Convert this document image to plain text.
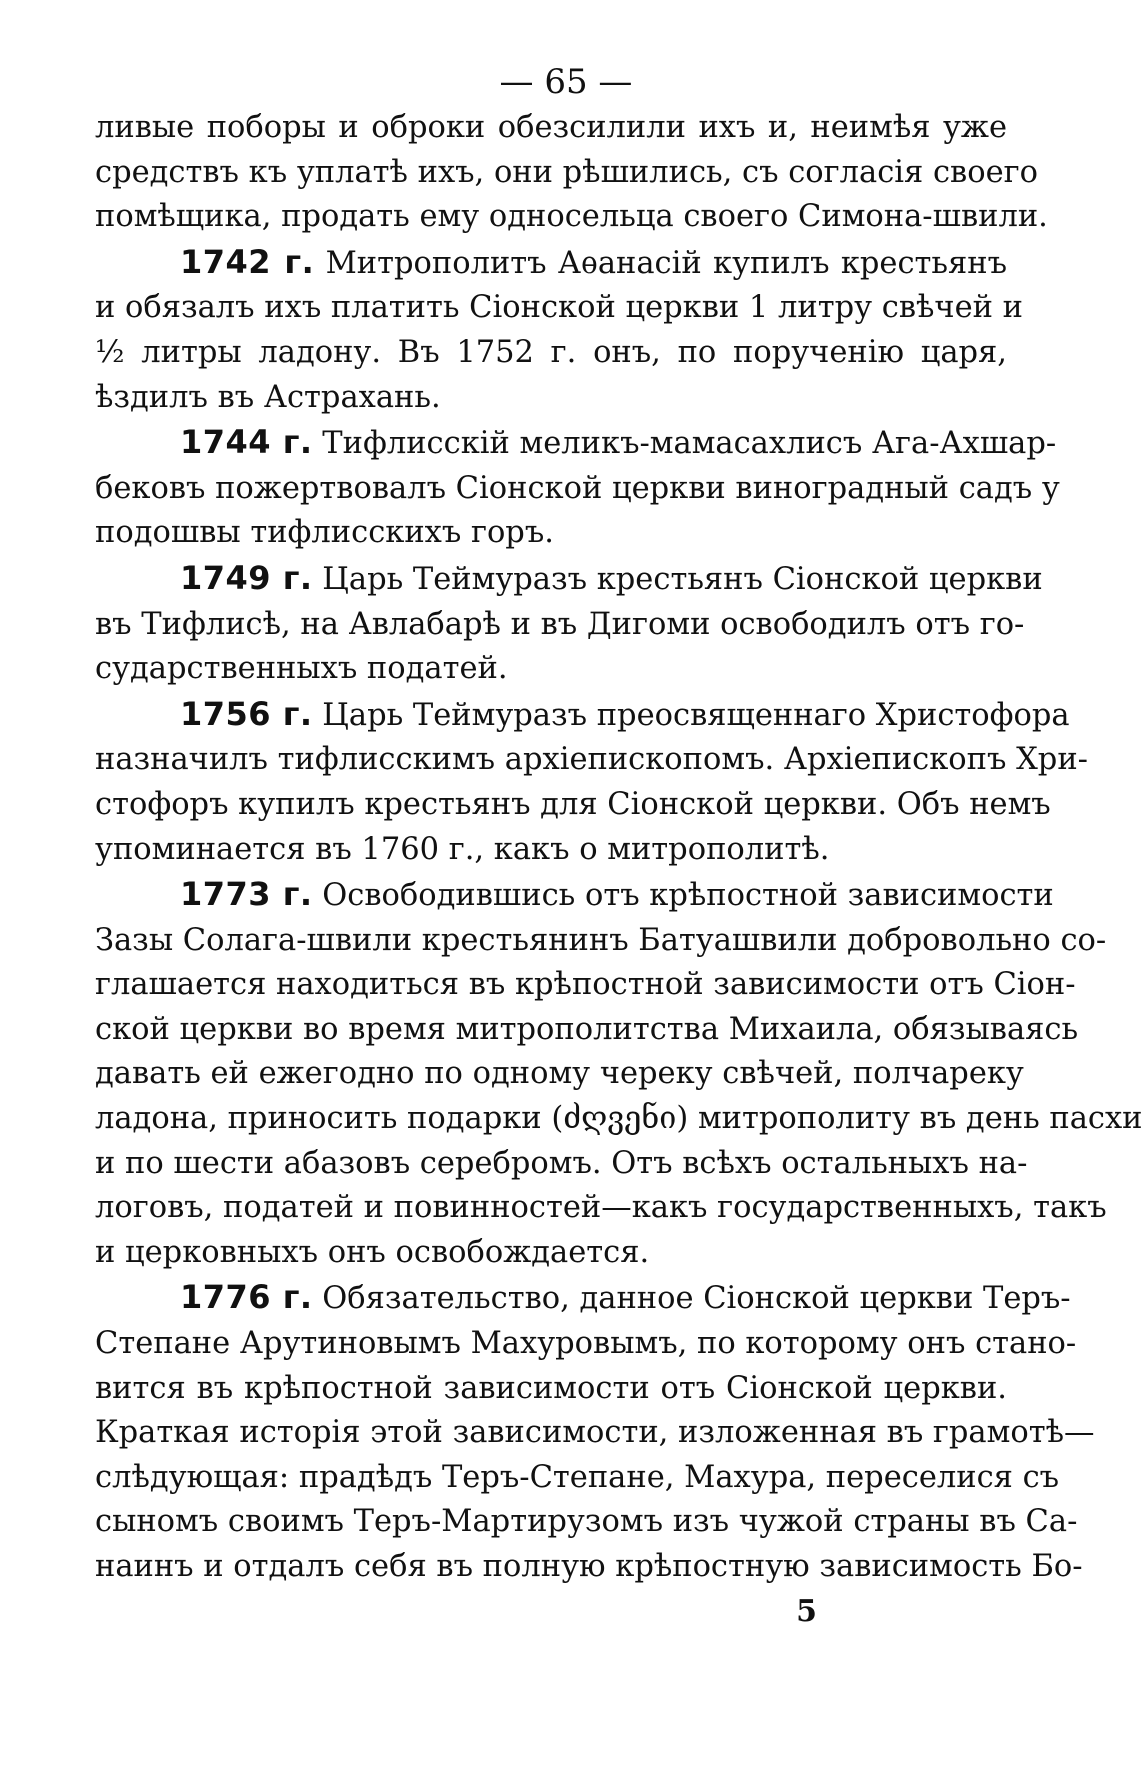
— 65 —
ливые поборы и оброки обезсилили ихъ и, неимѣя уже
средствъ къ уплатѣ ихъ, они рѣшились, съ согласія своего
помѣщика, продать ему односельца своего Симона-швили.
1742 г. Митрополитъ Аѳанасій купилъ крестьянъ
и обязалъ ихъ платить Сіонской церкви 1 литру свѣчей и
½ литры ладону. Въ 1752 г. онъ, по порученію царя,
ѣздилъ въ Астрахань.
1744 г. Тифлисскій меликъ-мамасахлисъ Ага-Ахшар-
бековъ пожертвовалъ Сіонской церкви виноградный садъ у
подошвы тифлисскихъ горъ.
1749 г. Царь Теймуразъ крестьянъ Сіонской церкви
въ Тифлисѣ, на Авлабарѣ и въ Дигоми освободилъ отъ го-
сударственныхъ податей.
1756 г. Царь Теймуразъ преосвященнаго Христофора
назначилъ тифлисскимъ архіепископомъ. Архіепископъ Хри-
стофоръ купилъ крестьянъ для Сіонской церкви. Объ немъ
упоминается въ 1760 г., какъ о митрополитѣ.
1773 г. Освободившись отъ крѣпостной зависимости
Зазы Солага-швили крестьянинъ Батуашвили добровольно со-
глашается находиться въ крѣпостной зависимости отъ Сіон-
ской церкви во время митрополитства Михаила, обязываясь
давать ей ежегодно по одному череку свѣчей, полчареку
ладона, приносить подарки (ძღვენი) митрополиту въ день пасхи
и по шести абазовъ серебромъ. Отъ всѣхъ остальныхъ на-
логовъ, податей и повинностей—какъ государственныхъ, такъ
и церковныхъ онъ освобождается.
1776 г. Обязательство, данное Сіонской церкви Теръ-
Степане Арутиновымъ Махуровымъ, по которому онъ стано-
вится въ крѣпостной зависимости отъ Сіонской церкви.
Краткая исторія этой зависимости, изложенная въ грамотѣ—
слѣдующая: прадѣдъ Теръ-Степане, Махура, переселися съ
сыномъ своимъ Теръ-Мартирузомъ изъ чужой страны въ Са-
наинъ и отдалъ себя въ полную крѣпостную зависимость Бо-
5
